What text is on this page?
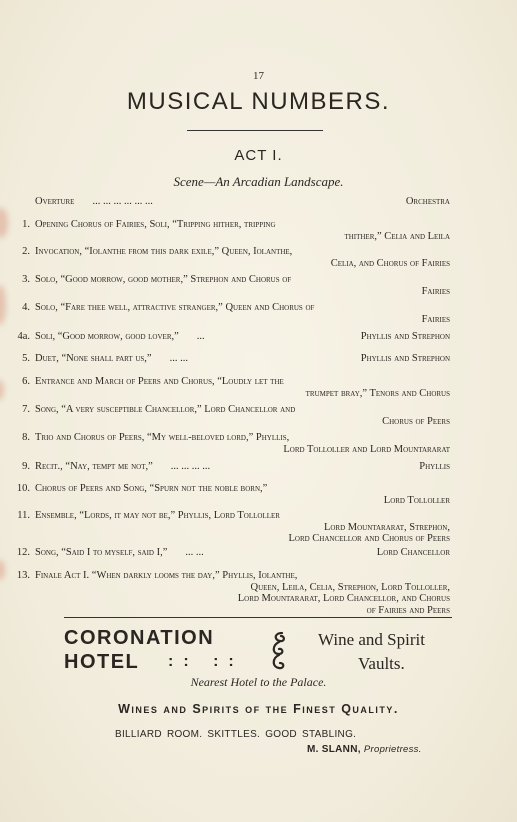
17
MUSICAL NUMBERS.
ACT I.
Scene—An Arcadian Landscape.
Overture ... ... ... ... ... ...	Orchestra
1. Opening Chorus of Fairies, Soli, “Tripping hither, tripping
thither,” Celia and Leila
2. Invocation, “Iolanthe from this dark exile,” Queen, Iolanthe,
Celia, and Chorus of Fairies
3. Solo, “Good morrow, good mother,” Strephon and Chorus of
Fairies
4. Solo, “Fare thee well, attractive stranger,” Queen and Chorus of
Fairies
4a. Soli, “Good morrow, good lover,” ...	Phyllis and Strephon
5. Duet, “None shall part us,” ... ...	Phyllis and Strephon
6. Entrance and March of Peers and Chorus, “Loudly let the
trumpet bray,” Tenors and Chorus
7. Song, “A very susceptible Chancellor,” Lord Chancellor and
Chorus of Peers
8. Trio and Chorus of Peers, “My well-beloved lord,” Phyllis,
Lord Tolloller and Lord Mountararat
9. Recit., “Nay, tempt me not,” ... ... ... ...	Phyllis
10. Chorus of Peers and Song, “Spurn not the noble born,”
Lord Tolloller
11. Ensemble, “Lords, it may not be,” Phyllis, Lord Tolloller
Lord Mountararat, Strephon,
Lord Chancellor and Chorus of Peers
12. Song, “Said I to myself, said I,” ... ...	Lord Chancellor
13. Finale Act I. “When darkly looms the day,” Phyllis, Iolanthe,
Queen, Leila, Celia, Strephon, Lord Tolloller,
Lord Mountararat, Lord Chancellor, and Chorus
of Fairies and Peers
CORONATION
HOTEL :: ::
Wine and Spirit
Vaults.
Nearest Hotel to the Palace.
Wines and Spirits of the Finest Quality.
BILLIARD ROOM. SKITTLES. GOOD STABLING.
M. SLANN, Proprietress.
